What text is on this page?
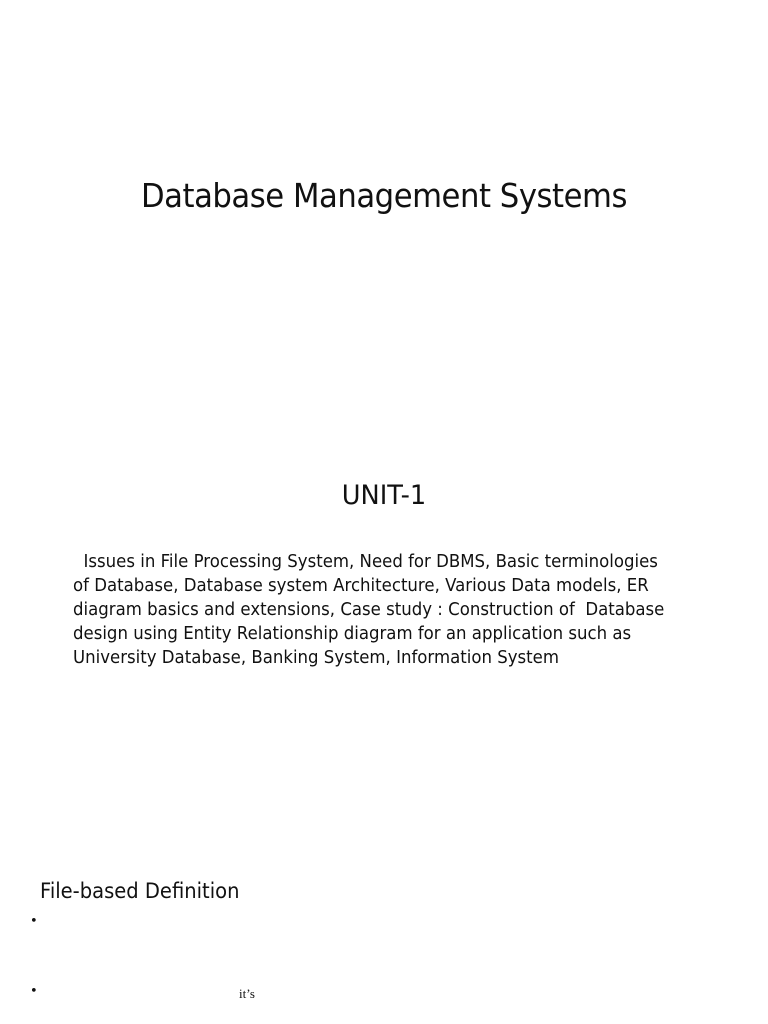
Database Management Systems
UNIT-1
Issues in File Processing System, Need for DBMS, Basic terminologies
of Database, Database system Architecture, Various Data models, ER
diagram basics and extensions, Case study : Construction of  Database
design using Entity Relationship diagram for an application such as
University Database, Banking System, Information System
File-based Definition
•
•	it’s
